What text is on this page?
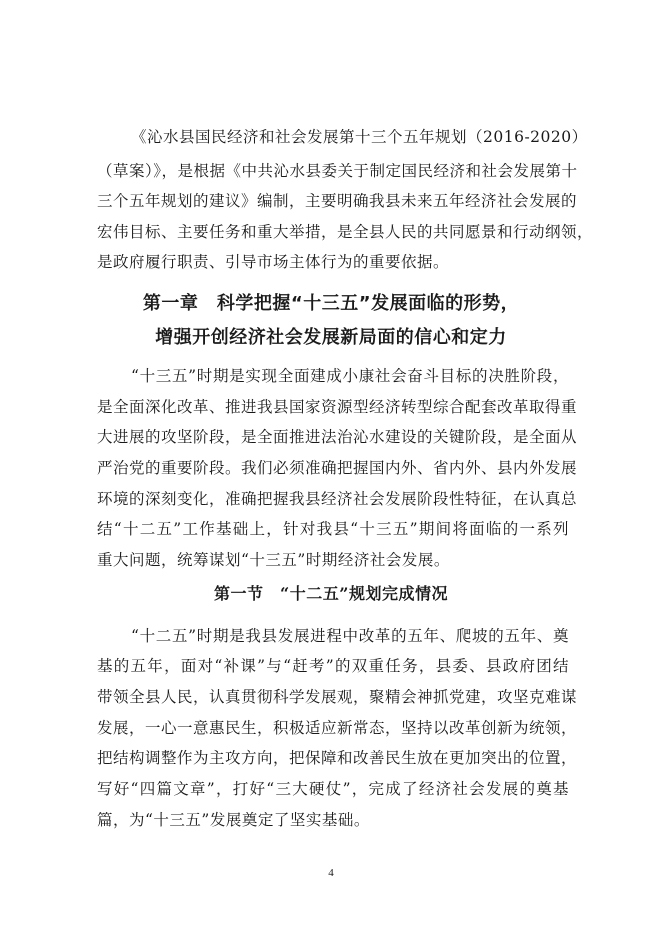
《沁水县国民经济和社会发展第十三个五年规划（2016-2020）
（草案）》，是根据《中共沁水县委关于制定国民经济和社会发展第十
三个五年规划的建议》编制，主要明确我县未来五年经济社会发展的
宏伟目标、主要任务和重大举措，是全县人民的共同愿景和行动纲领，
是政府履行职责、引导市场主体行为的重要依据。
第一章　科学把握“十三五”发展面临的形势，
增强开创经济社会发展新局面的信心和定力
“十三五”时期是实现全面建成小康社会奋斗目标的决胜阶段，
是全面深化改革、推进我县国家资源型经济转型综合配套改革取得重
大进展的攻坚阶段，是全面推进法治沁水建设的关键阶段，是全面从
严治党的重要阶段。我们必须准确把握国内外、省内外、县内外发展
环境的深刻变化，准确把握我县经济社会发展阶段性特征，在认真总
结“十二五”工作基础上，针对我县“十三五”期间将面临的一系列
重大问题，统筹谋划“十三五”时期经济社会发展。
第一节　“十二五”规划完成情况
“十二五”时期是我县发展进程中改革的五年、爬坡的五年、奠
基的五年，面对“补课”与“赶考”的双重任务，县委、县政府团结
带领全县人民，认真贯彻科学发展观，聚精会神抓党建，攻坚克难谋
发展，一心一意惠民生，积极适应新常态，坚持以改革创新为统领，
把结构调整作为主攻方向，把保障和改善民生放在更加突出的位置，
写好“四篇文章”，打好“三大硬仗”，完成了经济社会发展的奠基
篇，为“十三五”发展奠定了坚实基础。
4
